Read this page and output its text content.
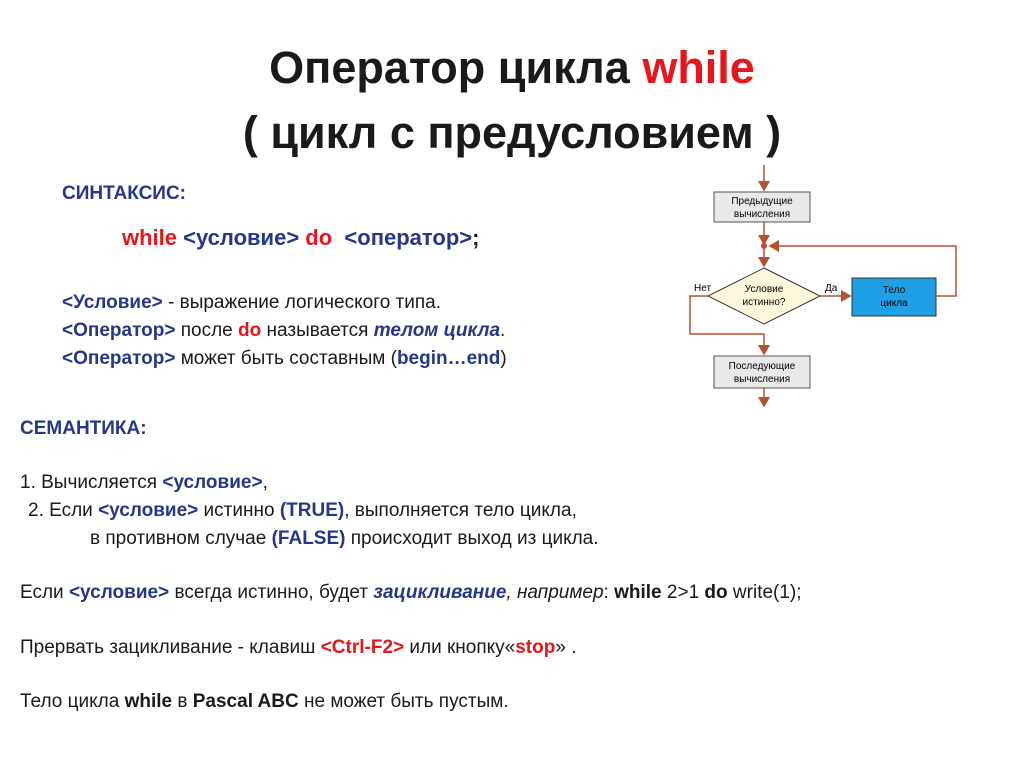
Оператор цикла while
( цикл с предусловием )
СИНТАКСИС:
while <условие> do <оператор>;
<Условие> - выражение логического типа.
<Оператор> после do называется телом цикла.
<Оператор> может быть составным (begin…end)
Предыдущие
вычисления
Условие
истинно?
Да	Тело
цикла
Нет
Последующие
вычисления
СЕМАНТИКА:
1. Вычисляется <условие>,
2. Если <условие> истинно (TRUE), выполняется тело цикла,
в противном случае (FALSE) происходит выход из цикла.
Если <условие> всегда истинно, будет зацикливание, например: while 2>1 do write(1);
Прервать зацикливание - клавиш <Ctrl-F2> или кнопку«stop» .
Тело цикла while в Pascal ABC не может быть пустым.
